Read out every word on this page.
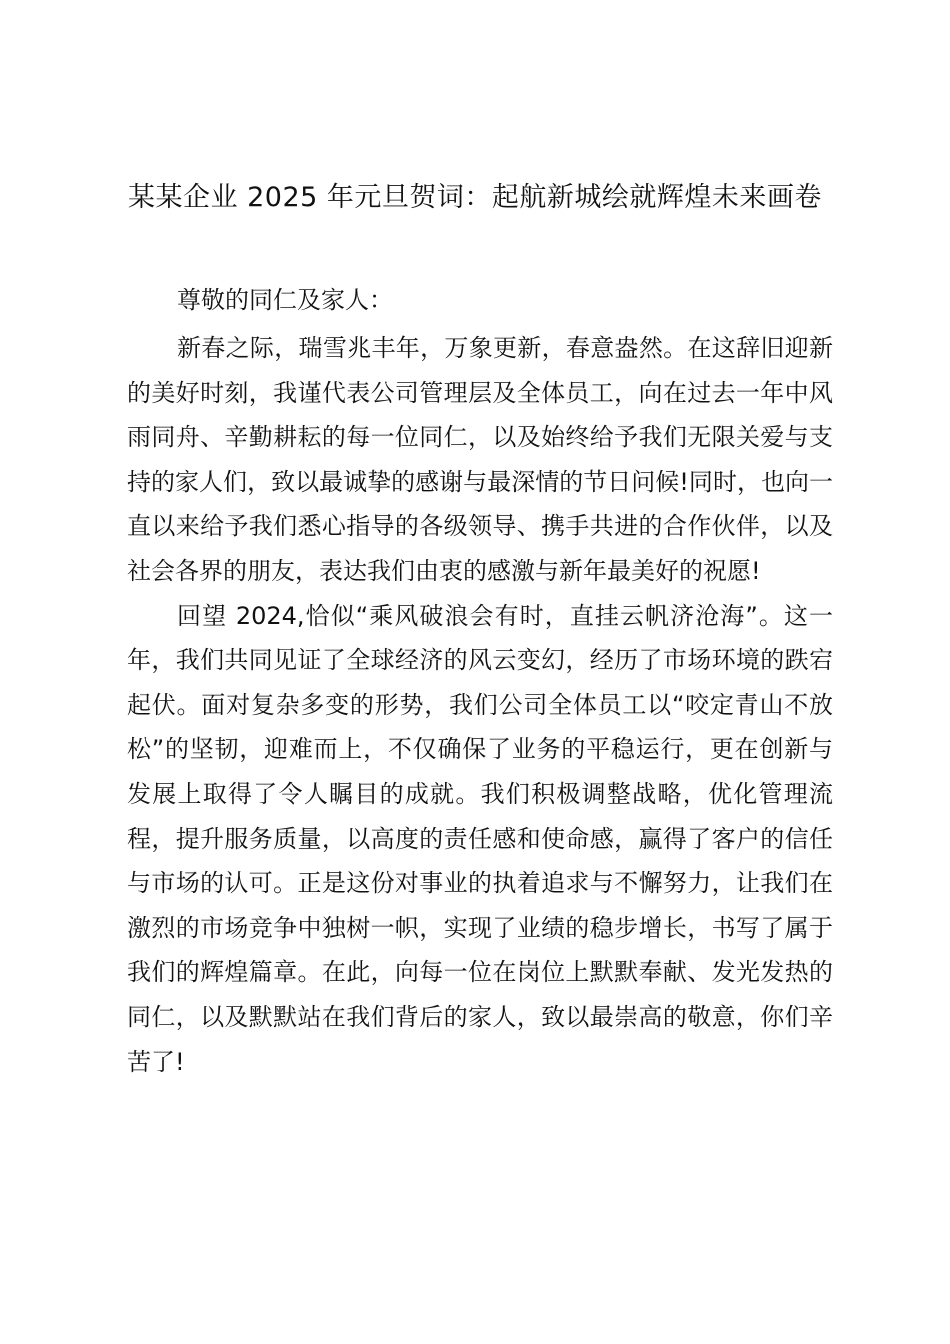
某某企业 2025 年元旦贺词：起航新城绘就辉煌未来画卷

尊敬的同仁及家人：

新春之际，瑞雪兆丰年，万象更新，春意盎然。在这辞旧迎新的美好时刻，我谨代表公司管理层及全体员工，向在过去一年中风雨同舟、辛勤耕耘的每一位同仁，以及始终给予我们无限关爱与支持的家人们，致以最诚挚的感谢与最深情的节日问候!同时，也向一直以来给予我们悉心指导的各级领导、携手共进的合作伙伴，以及社会各界的朋友，表达我们由衷的感激与新年最美好的祝愿!

回望 2024,恰似“乘风破浪会有时，直挂云帆济沧海”。这一年，我们共同见证了全球经济的风云变幻，经历了市场环境的跌宕起伏。面对复杂多变的形势，我们公司全体员工以“咬定青山不放松”的坚韧，迎难而上，不仅确保了业务的平稳运行，更在创新与发展上取得了令人瞩目的成就。我们积极调整战略，优化管理流程，提升服务质量，以高度的责任感和使命感，赢得了客户的信任与市场的认可。正是这份对事业的执着追求与不懈努力，让我们在激烈的市场竞争中独树一帜，实现了业绩的稳步增长，书写了属于我们的辉煌篇章。在此，向每一位在岗位上默默奉献、发光发热的同仁，以及默默站在我们背后的家人，致以最崇高的敬意，你们辛苦了!
